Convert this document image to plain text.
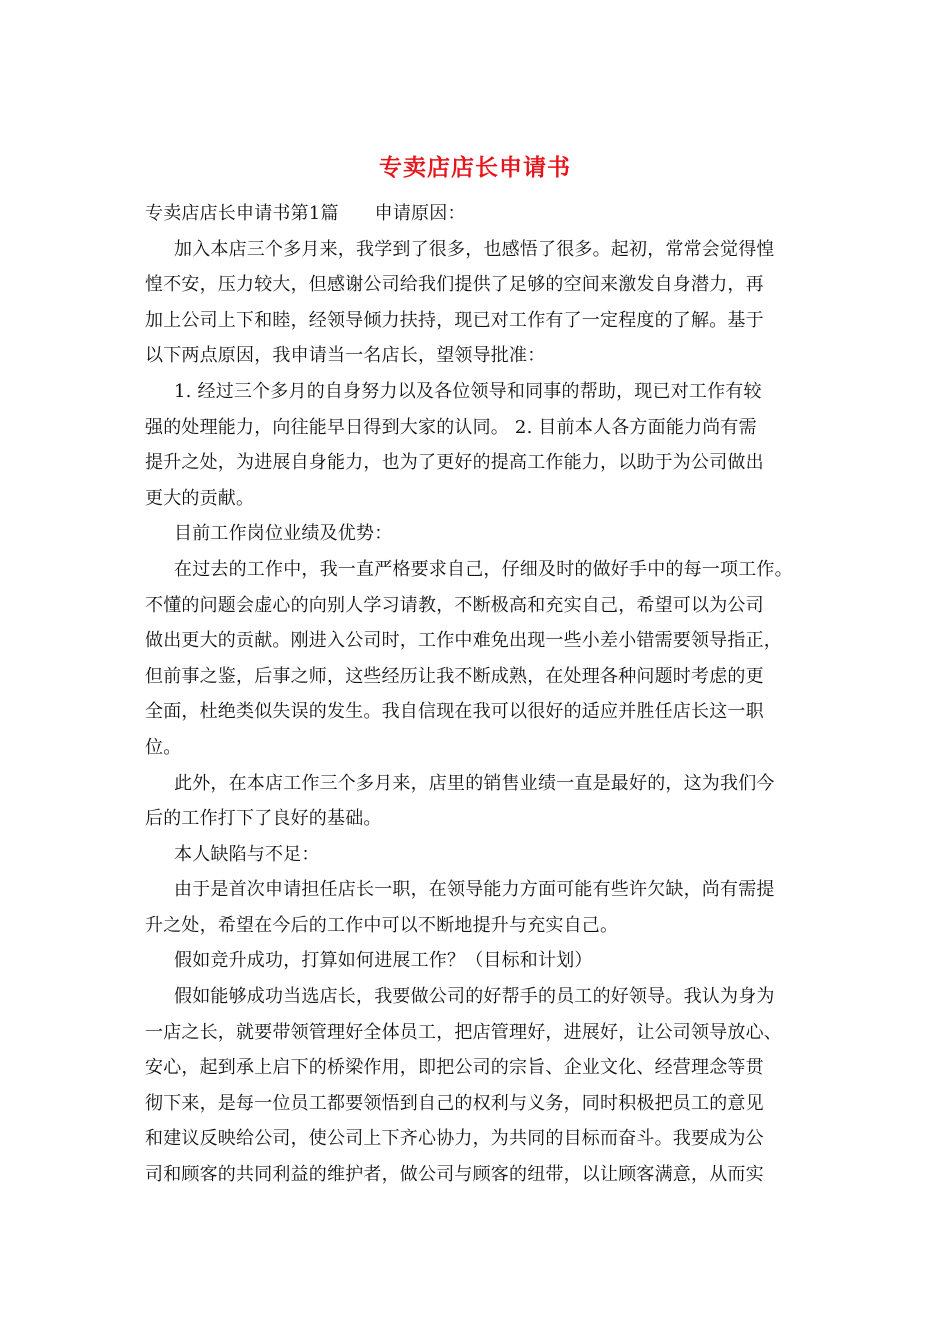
专卖店店长申请书
专卖店店长申请书第1篇 申请原因：
加入本店三个多月来，我学到了很多，也感悟了很多。起初，常常会觉得惶
惶不安，压力较大，但感谢公司给我们提供了足够的空间来激发自身潜力，再
加上公司上下和睦，经领导倾力扶持，现已对工作有了一定程度的了解。基于
以下两点原因，我申请当一名店长，望领导批准：
1. 经过三个多月的自身努力以及各位领导和同事的帮助，现已对工作有较
强的处理能力，向往能早日得到大家的认同。 2. 目前本人各方面能力尚有需
提升之处，为进展自身能力，也为了更好的提高工作能力，以助于为公司做出
更大的贡献。
目前工作岗位业绩及优势：
在过去的工作中，我一直严格要求自己，仔细及时的做好手中的每一项工作。
不懂的问题会虚心的向别人学习请教，不断极高和充实自己，希望可以为公司
做出更大的贡献。刚进入公司时，工作中难免出现一些小差小错需要领导指正，
但前事之鉴，后事之师，这些经历让我不断成熟，在处理各种问题时考虑的更
全面，杜绝类似失误的发生。我自信现在我可以很好的适应并胜任店长这一职
位。
此外，在本店工作三个多月来，店里的销售业绩一直是最好的，这为我们今
后的工作打下了良好的基础。
本人缺陷与不足：
由于是首次申请担任店长一职，在领导能力方面可能有些许欠缺，尚有需提
升之处，希望在今后的工作中可以不断地提升与充实自己。
假如竞升成功，打算如何进展工作？（目标和计划）
假如能够成功当选店长，我要做公司的好帮手的员工的好领导。我认为身为
一店之长，就要带领管理好全体员工，把店管理好，进展好，让公司领导放心、
安心，起到承上启下的桥梁作用，即把公司的宗旨、企业文化、经营理念等贯
彻下来，是每一位员工都要领悟到自己的权利与义务，同时积极把员工的意见
和建议反映给公司，使公司上下齐心协力，为共同的目标而奋斗。我要成为公
司和顾客的共同利益的维护者，做公司与顾客的纽带，以让顾客满意，从而实
